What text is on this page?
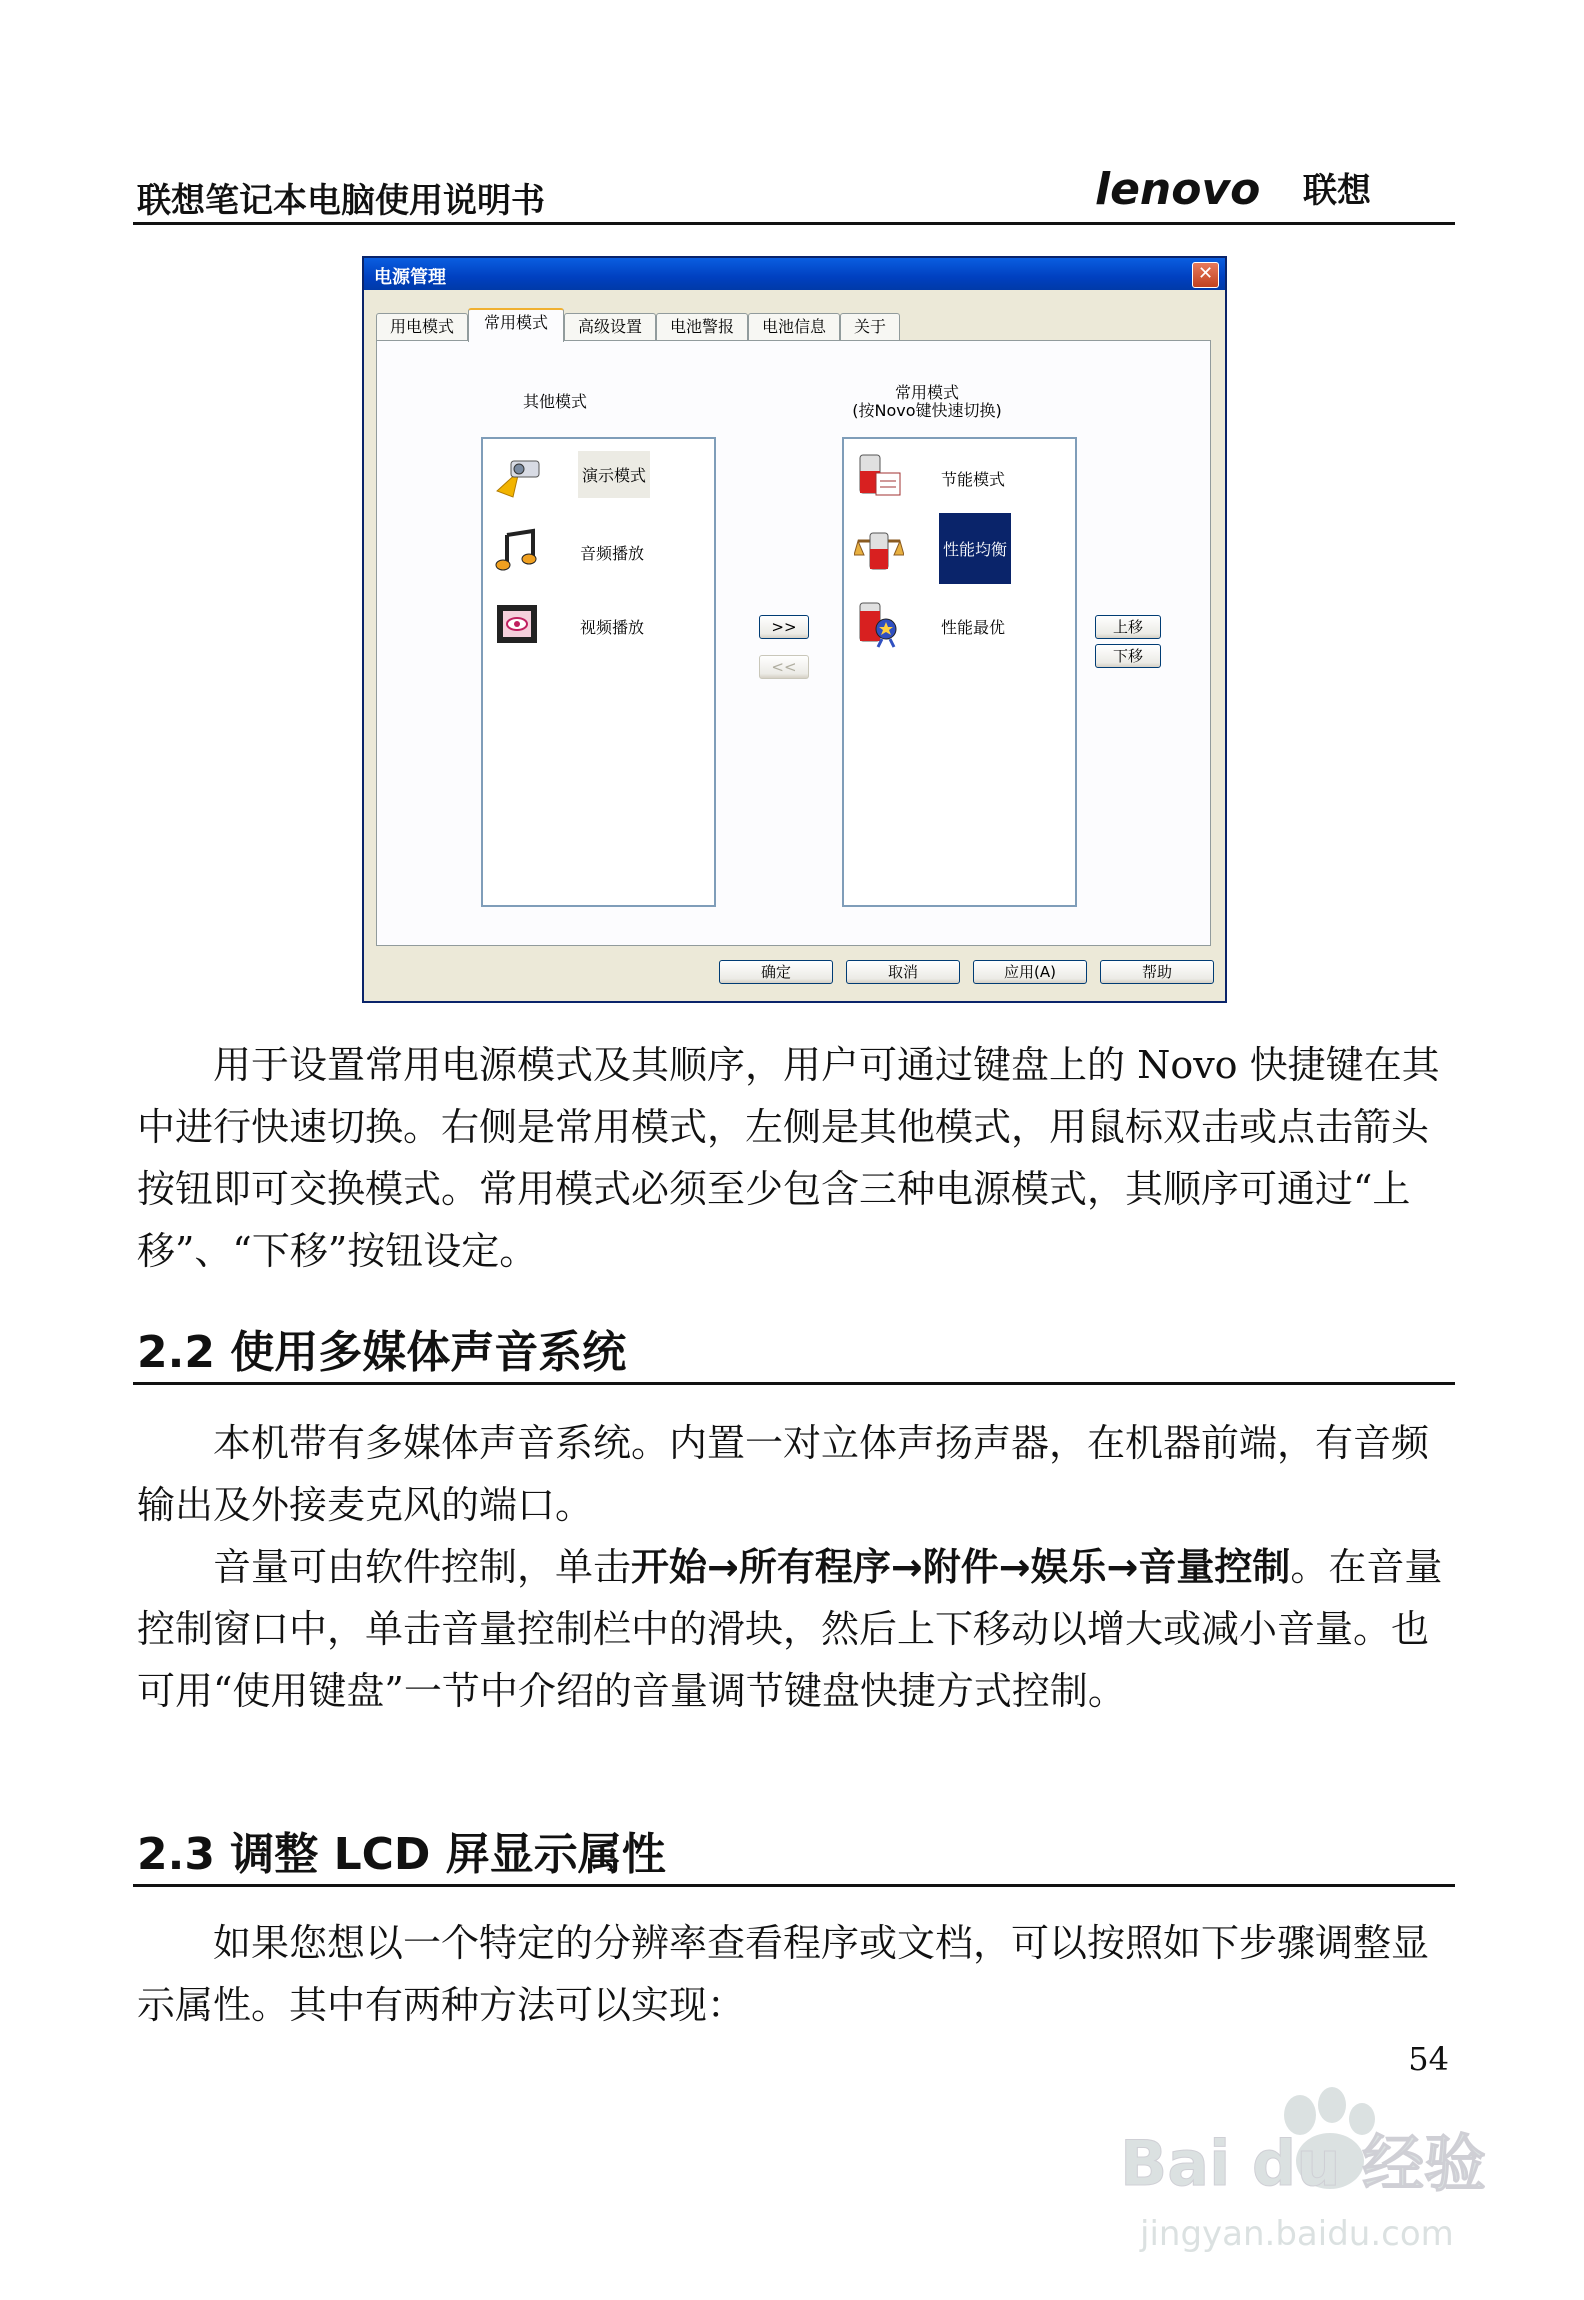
联想笔记本电脑使用说明书	lenovo 联想
电源管理	✕
用电模式	常用模式	高级设置	电池警报	电池信息	关于
其他模式	常用模式
(按Novo键快速切换)
演示模式
音频播放
视频播放	>>
<<
节能模式
性能均衡
性能最优	上移
下移
确定	取消	应用(A)	帮助
用于设置常用电源模式及其顺序，用户可通过键盘上的 Novo 快捷键在其中进行快速切换。右侧是常用模式，左侧是其他模式，用鼠标双击或点击箭头按钮即可交换模式。常用模式必须至少包含三种电源模式，其顺序可通过“上移”、“下移”按钮设定。
2.2 使用多媒体声音系统
本机带有多媒体声音系统。内置一对立体声扬声器，在机器前端，有音频输出及外接麦克风的端口。
音量可由软件控制，单击开始→所有程序→附件→娱乐→音量控制。在音量控制窗口中，单击音量控制栏中的滑块，然后上下移动以增大或减小音量。也可用“使用键盘”一节中介绍的音量调节键盘快捷方式控制。
2.3 调整 LCD 屏显示属性
如果您想以一个特定的分辨率查看程序或文档，可以按照如下步骤调整显示属性。其中有两种方法可以实现：
54
Bai du 经验
jingyan.baidu.com
